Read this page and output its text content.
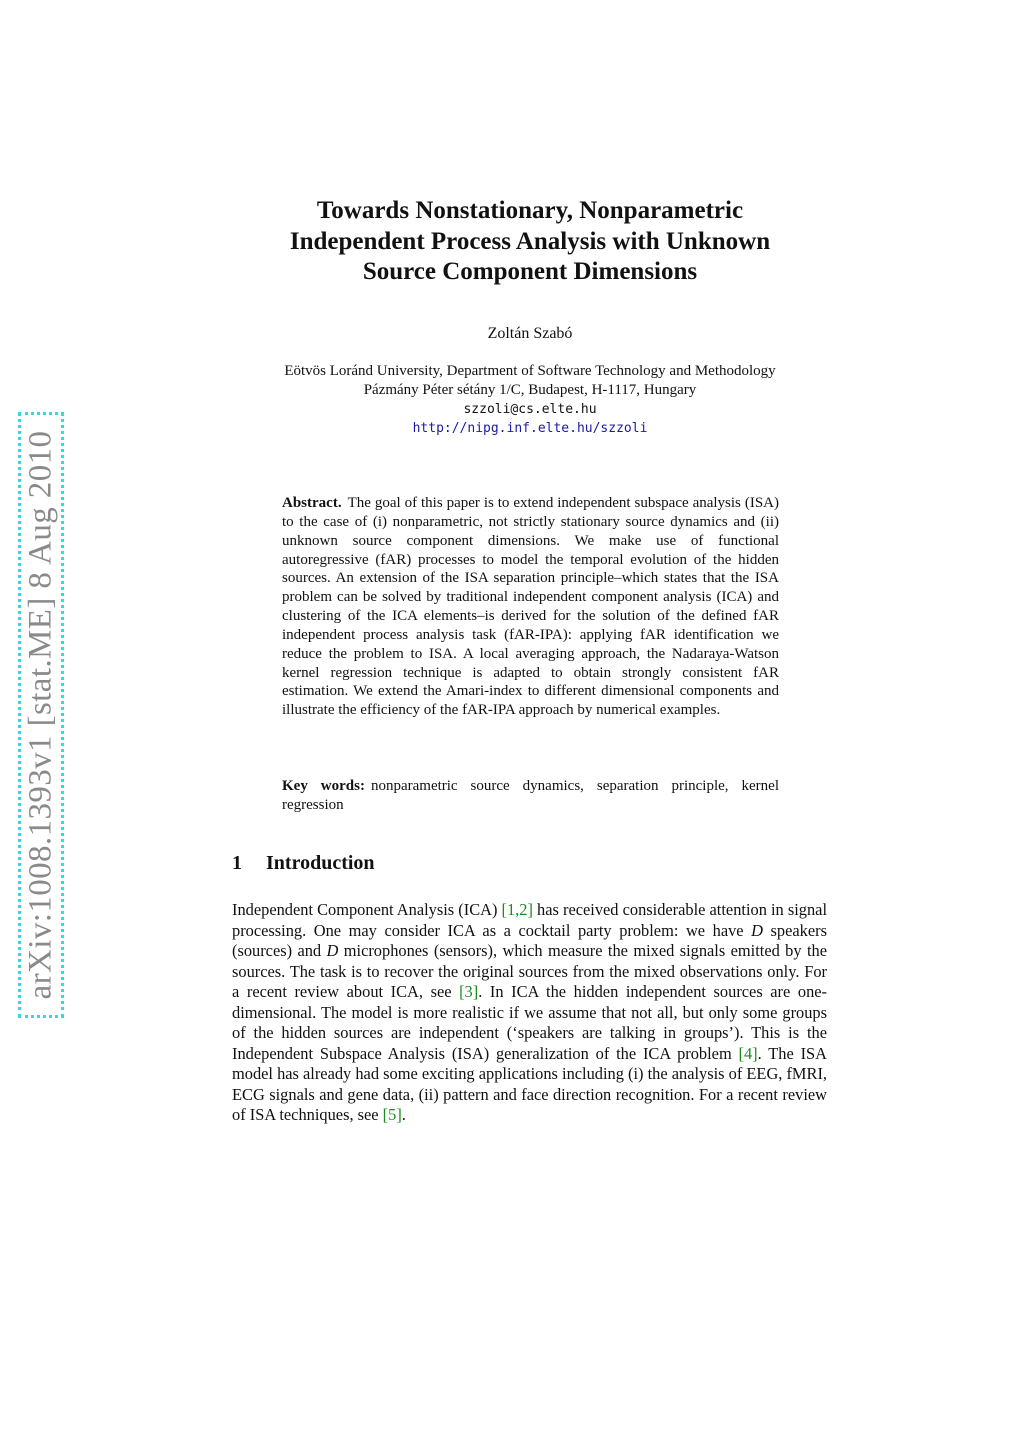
arXiv:1008.1393v1 [stat.ME] 8 Aug 2010
Towards Nonstationary, Nonparametric
Independent Process Analysis with Unknown
Source Component Dimensions
Zoltán Szabó
Eötvös Loránd University, Department of Software Technology and Methodology
Pázmány Péter sétány 1/C, Budapest, H-1117, Hungary
szzoli@cs.elte.hu
http://nipg.inf.elte.hu/szzoli

Abstract. The goal of this paper is to extend independent subspace analysis (ISA) to the case of (i) nonparametric, not strictly stationary source dynamics and (ii) unknown source component dimensions. We make use of functional autoregressive (fAR) processes to model the temporal evolution of the hidden sources. An extension of the ISA separation principle–which states that the ISA problem can be solved by traditional independent component analysis (ICA) and clustering of the ICA elements–is derived for the solution of the defined fAR independent process analysis task (fAR-IPA): applying fAR identification we reduce the problem to ISA. A local averaging approach, the Nadaraya-Watson kernel regression technique is adapted to obtain strongly consistent fAR estimation. We extend the Amari-index to different dimensional components and illustrate the efficiency of the fAR-IPA approach by numerical examples.

Key words: nonparametric source dynamics, separation principle, kernel regression

1 Introduction

Independent Component Analysis (ICA) [1,2] has received considerable attention in signal processing. One may consider ICA as a cocktail party problem: we have D speakers (sources) and D microphones (sensors), which measure the mixed signals emitted by the sources. The task is to recover the original sources from the mixed observations only. For a recent review about ICA, see [3]. In ICA the hidden independent sources are one-dimensional. The model is more realistic if we assume that not all, but only some groups of the hidden sources are independent (‘speakers are talking in groups’). This is the Independent Subspace Analysis (ISA) generalization of the ICA problem [4]. The ISA model has already had some exciting applications including (i) the analysis of EEG, fMRI, ECG signals and gene data, (ii) pattern and face direction recognition. For a recent review of ISA techniques, see [5].
